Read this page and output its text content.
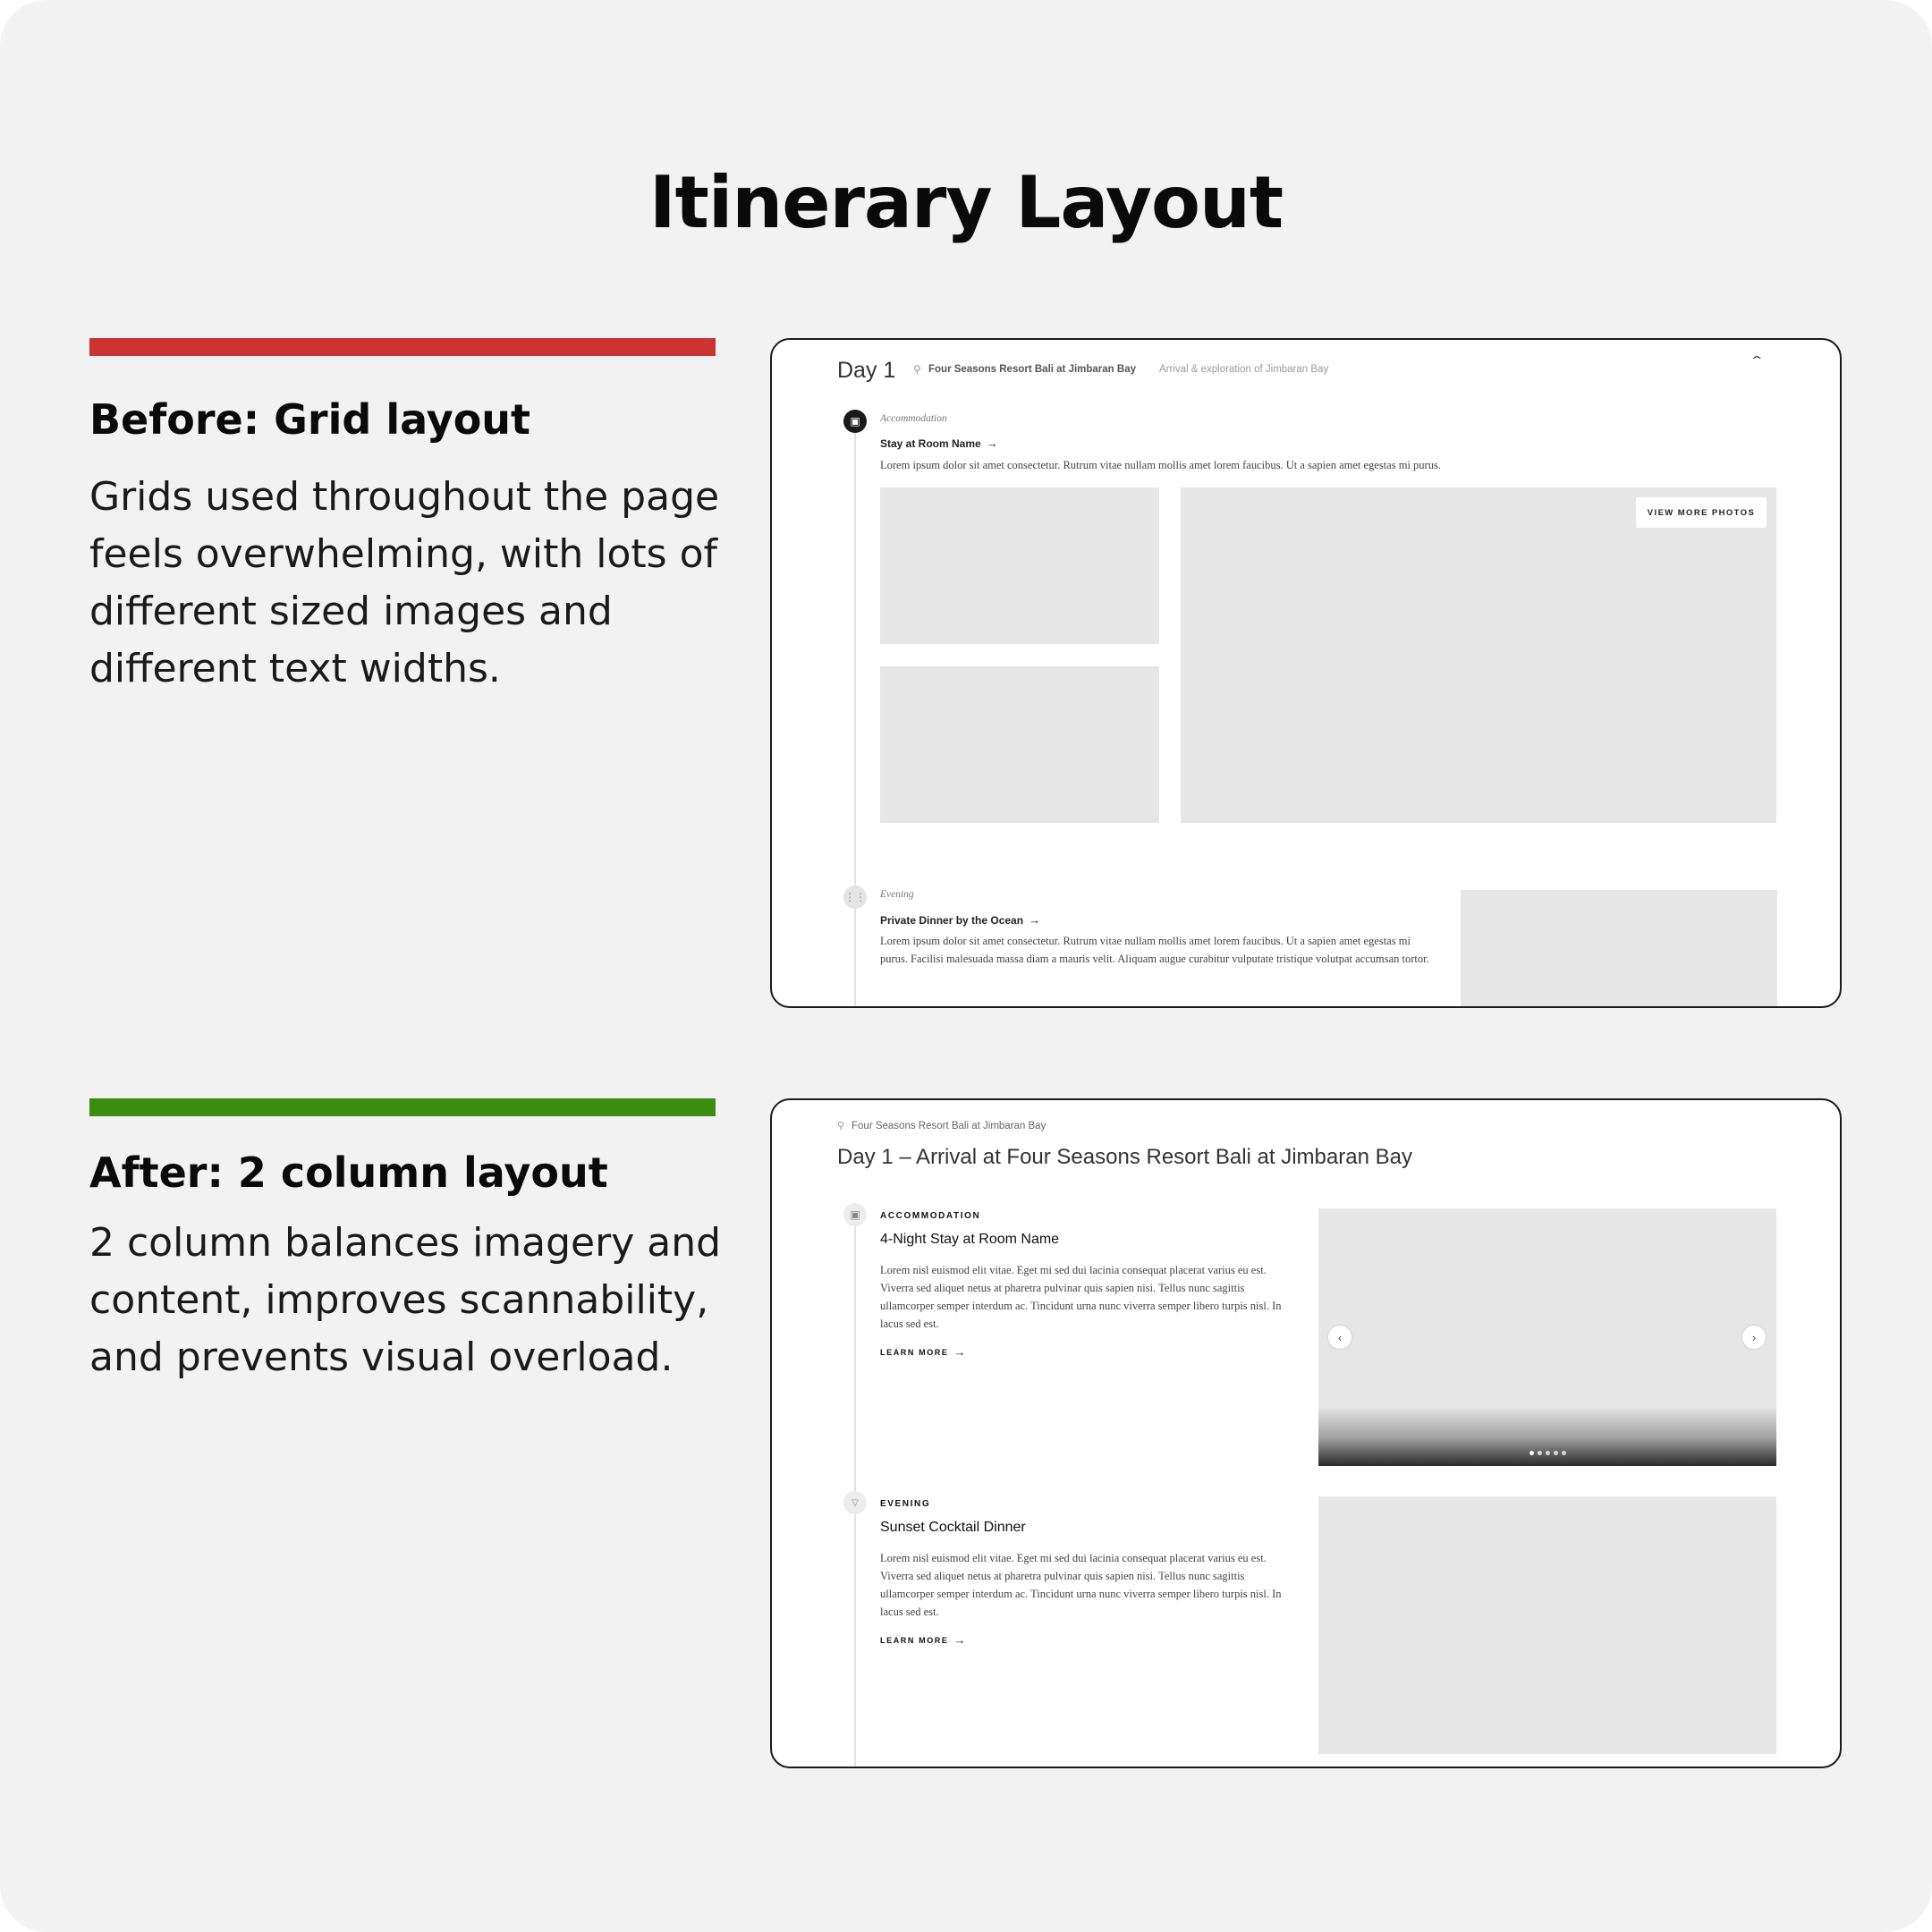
Itinerary Layout
Before: Grid layout
Grids used throughout the page feels overwhelming, with lots of different sized images and different text widths.
Day 1 ⚲ Four Seasons Resort Bali at Jimbaran Bay Arrival & exploration of Jimbaran Bay	ˆ
▣	Accommodation
Stay at Room Name →
Lorem ipsum dolor sit amet consectetur. Rutrum vitae nullam mollis amet lorem faucibus. Ut a sapien amet egestas mi purus.
VIEW MORE PHOTOS
⋮⋮ Evening
Private Dinner by the Ocean →
Lorem ipsum dolor sit amet consectetur. Rutrum vitae nullam mollis amet lorem faucibus. Ut a sapien amet egestas mi purus. Facilisi malesuada massa diam a mauris velit. Aliquam augue curabitur vulputate tristique volutpat accumsan tortor.
After: 2 column layout
2 column balances imagery and content, improves scannability, and prevents visual overload.
⚲ Four Seasons Resort Bali at Jimbaran Bay
Day 1 – Arrival at Four Seasons Resort Bali at Jimbaran Bay
▣	ACCOMMODATION
4-Night Stay at Room Name
Lorem nisl euismod elit vitae. Eget mi sed dui lacinia consequat placerat varius eu est. Viverra sed aliquet netus at pharetra pulvinar quis sapien nisi. Tellus nunc sagittis ullamcorper semper interdum ac. Tincidunt urna nunc viverra semper libero turpis nisl. In lacus sed est.
LEARN MORE →
‹	›
▽	EVENING
Sunset Cocktail Dinner
Lorem nisl euismod elit vitae. Eget mi sed dui lacinia consequat placerat varius eu est. Viverra sed aliquet netus at pharetra pulvinar quis sapien nisi. Tellus nunc sagittis ullamcorper semper interdum ac. Tincidunt urna nunc viverra semper libero turpis nisl. In lacus sed est.
LEARN MORE →
